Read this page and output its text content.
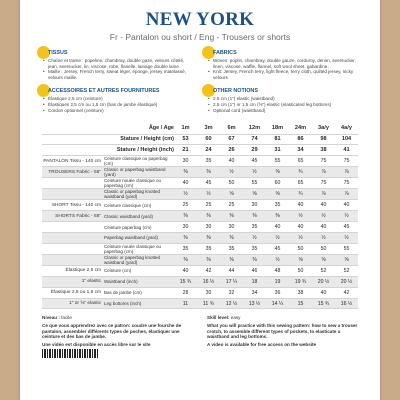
NEW YORK
Fr - Pantalon ou short / Eng - Trousers or shorts
TISSUS
• Chaîne et trame : popeline, chambray, double gaze, velours côtelé, jean, seersucker, lin, viscose, robe, flanelle, lainage double laine.
• Maille : Jersey, French terry, sweat léger, éponge, jersey matelassé, velours maille.
ACCESSOIRES ET AUTRES FOURNITURES
• Élastique 2,5 cm (ceinture)
• Élastiques 2,5 cm ou 1,5 cm (bas de jambe élastiqué)
• Cordon optionnel (ceinture)
FABRICS
• Woven: poplin, chambray, double gauze, corduroy, denim, seersucker, linen, viscose, waffle, flannel, soft wool sheet, gabardine.
• Knit: Jersey, French terry, light fleece, terry cloth, quilted jersey, nicky velours
OTHER NOTIONS
• 2.5 cm (1") elastic (waistband)
• 2.5 cm (1") or 1.5 cm (⅝") elastic (elasticated leg bottoms)
• Optional cord (waistband)
Âge / Age	1m	3m	6m	12m	18m	24m	3a/y	4a/y
Stature / Height (cm)	53	60	67	74	81	86	98	104
Stature / Height (inch)	21	24	26	29	31	34	38	41

PANTALON Tissu - 140 cm Ceinture classique ou paperbag (cm)	30	35	40	45	55	65	75	75

TROUSERS Fabric - 55" Classic or paperbag waistband (yard)	⅜	⅜	½	½	⅝	¾	⅞	⅞

Ceinture nouée classique ou paperbag (cm)	40	45	50	55	60	65	75	75

Classic or paperbag knotted waistband (yard)	½	½	⅝	⅝	⅝	¾	⅞	⅞

SHORT Tissu - 140 cm Ceinture classique (cm)	25	25	25	30	35	40	40	40

SHORTS Fabric - 55" Classic waistband (yard)	⅜	⅜	⅜	⅜	⅜	½	½	½

Ceinture paperbag (cm)	30	30	30	35	40	40	40	45

Paperbag waistband (yard)	⅜	⅜	⅜	½	½	½	½	½

Ceinture nouée classique ou paperbag (cm)	35	35	35	35	45	50	50	55

Classic or paperbag knotted waistband (yard)	⅜	⅜	⅜	⅜	½	⅝	⅝	⅝

Élastique 2,5 cm Ceinture (cm)	40	42	44	46	48	50	52	52

1" elastic Waistband (inch)	15 ¾	16 ½	17 ¼	18	19	19 ¾	20 ½	20 ½

Élastique 2,5 ou 1,5 cm Bas de jambe (cm)	28	30	32	34	36	38	40	42

1" or ⅝" elastic Leg bottoms (inch)	11	11 ¾	12 ½	13 ½	14 ¼	15	15 ¾	16 ½
Niveau : facile
Ce que vous apprendrez avec ce patron: coudre une fourche de pantalon, assembler différents types de poches, élastiquer une ceinture et des bas de jambe.
Une vidéo est disponible en accès libre sur le site
Skill level: easy
What you will practice with this sewing pattern: how to sew a trouser crotch, to assemble different types of pockets, to elasticate a waistband and leg bottoms.
A video is available for free access on the website
